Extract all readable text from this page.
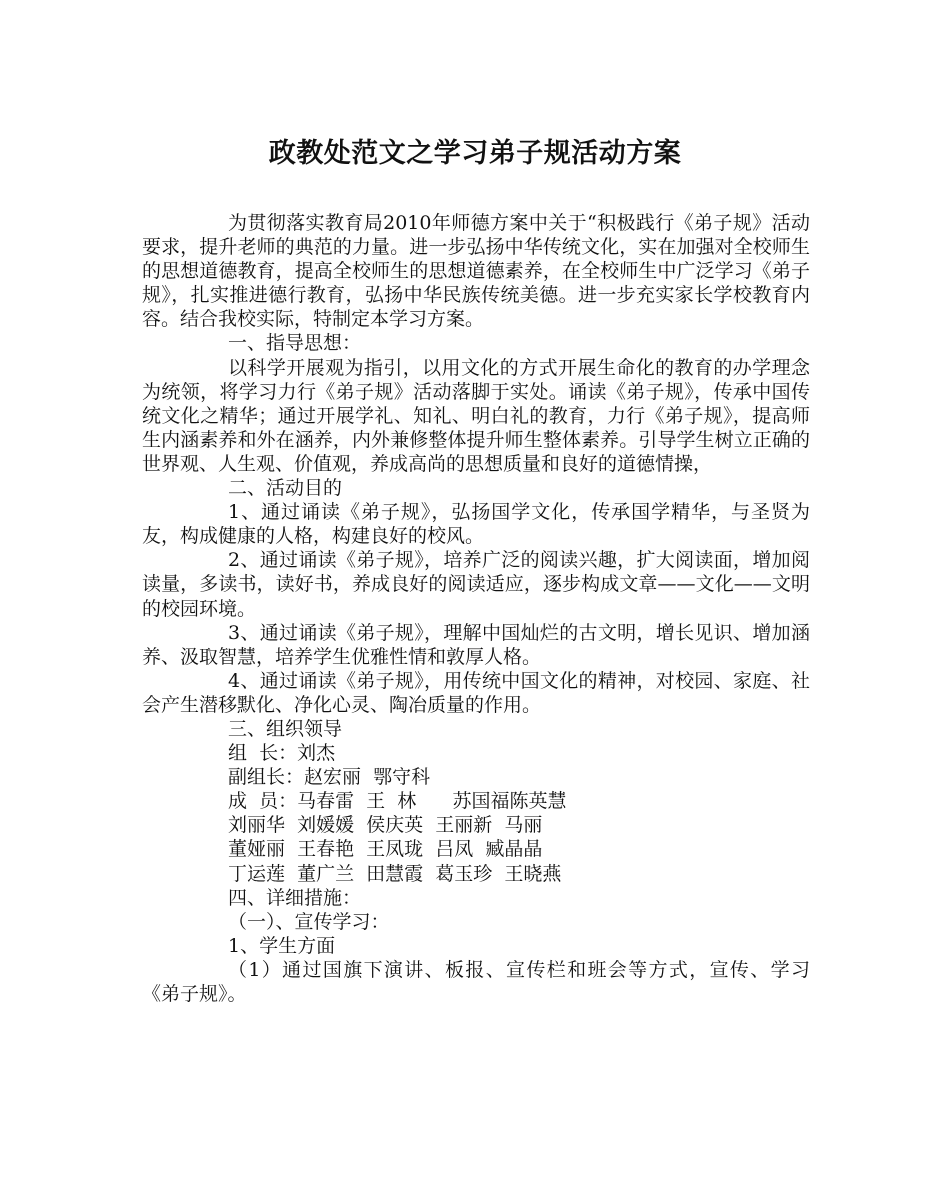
政教处范文之学习弟子规活动方案

为贯彻落实教育局2010年师德方案中关于“积极践行《弟子规》活动要求，提升老师的典范的力量。进一步弘扬中华传统文化，实在加强对全校师生的思想道德教育，提高全校师生的思想道德素养，在全校师生中广泛学习《弟子规》，扎实推进德行教育，弘扬中华民族传统美德。进一步充实家长学校教育内容。结合我校实际，特制定本学习方案。

一、指导思想：

以科学开展观为指引，以用文化的方式开展生命化的教育的办学理念为统领，将学习力行《弟子规》活动落脚于实处。诵读《弟子规》，传承中国传统文化之精华；通过开展学礼、知礼、明白礼的教育，力行《弟子规》，提高师生内涵素养和外在涵养，内外兼修整体提升师生整体素养。引导学生树立正确的世界观、人生观、价值观，养成高尚的思想质量和良好的道德情操，

二、活动目的

1、通过诵读《弟子规》，弘扬国学文化，传承国学精华，与圣贤为友，构成健康的人格，构建良好的校风。

2、通过诵读《弟子规》，培养广泛的阅读兴趣，扩大阅读面，增加阅读量，多读书，读好书，养成良好的阅读适应，逐步构成文章——文化——文明的校园环境。

3、通过诵读《弟子规》，理解中国灿烂的古文明，增长见识、增加涵养、汲取智慧，培养学生优雅性情和敦厚人格。

4、通过诵读《弟子规》，用传统中国文化的精神，对校园、家庭、社会产生潜移默化、净化心灵、陶冶质量的作用。

三、组织领导

组  长：刘杰

副组长：赵宏丽  鄂守科

成  员：马春雷  王  林      苏国福陈英慧

刘丽华  刘媛媛  侯庆英  王丽新  马丽

董娅丽  王春艳  王凤珑  吕凤  臧晶晶

丁运莲  董广兰  田慧霞  葛玉珍  王晓燕

四、详细措施：

（一）、宣传学习：

1、学生方面

（1）通过国旗下演讲、板报、宣传栏和班会等方式，宣传、学习《弟子规》。
